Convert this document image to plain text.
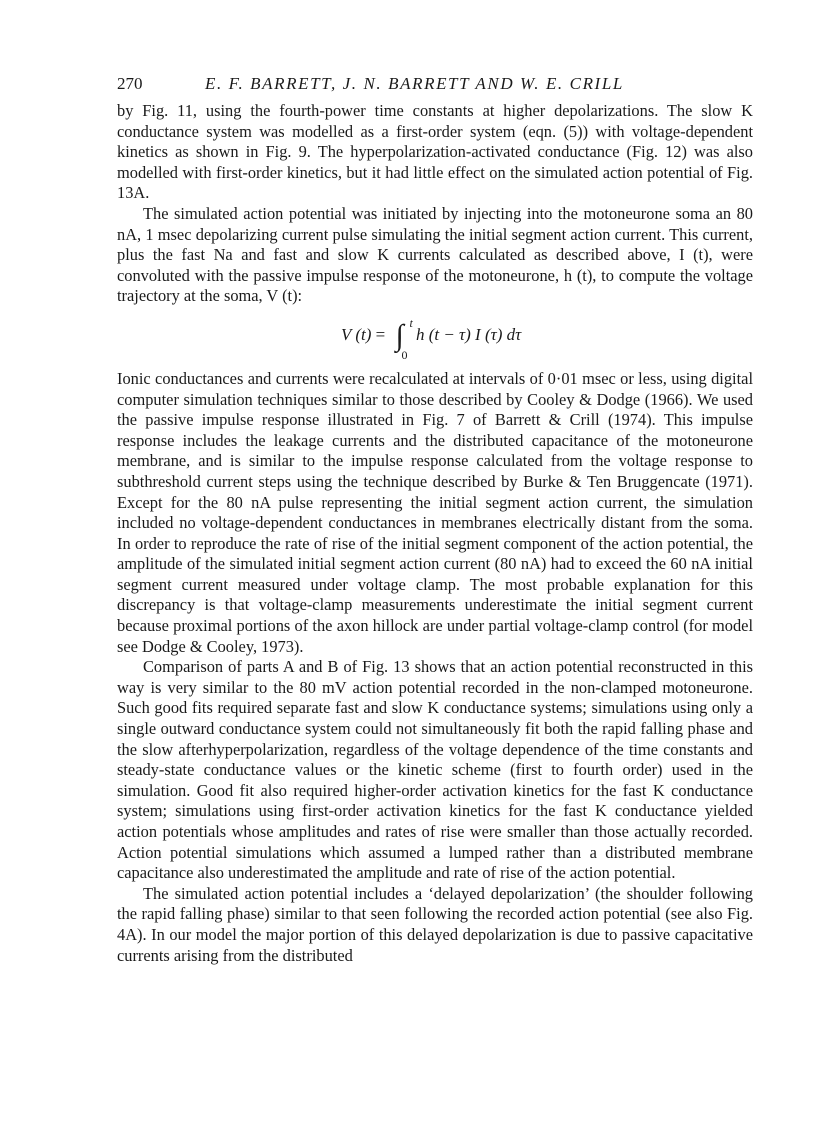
270	E. F. BARRETT, J. N. BARRETT AND W. E. CRILL

by Fig. 11, using the fourth-power time constants at higher depolarizations. The slow K conductance system was modelled as a first-order system (eqn. (5)) with voltage-dependent kinetics as shown in Fig. 9. The hyperpolarization-activated conductance (Fig. 12) was also modelled with first-order kinetics, but it had little effect on the simulated action potential of Fig. 13A.

The simulated action potential was initiated by injecting into the motoneurone soma an 80 nA, 1 msec depolarizing current pulse simulating the initial segment action current. This current, plus the fast Na and fast and slow K currents calculated as described above, I (t), were convoluted with the passive impulse response of the motoneurone, h (t), to compute the voltage trajectory at the soma, V (t):

V (t) = ∫ t
0
h (t − τ) I (τ) dτ

Ionic conductances and currents were recalculated at intervals of 0·01 msec or less, using digital computer simulation techniques similar to those described by Cooley & Dodge (1966). We used the passive impulse response illustrated in Fig. 7 of Barrett & Crill (1974). This impulse response includes the leakage currents and the distributed capacitance of the motoneurone membrane, and is similar to the impulse response calculated from the voltage response to subthreshold current steps using the technique described by Burke & Ten Bruggencate (1971). Except for the 80 nA pulse representing the initial segment action current, the simulation included no voltage-dependent conductances in membranes electrically distant from the soma. In order to reproduce the rate of rise of the initial segment component of the action potential, the amplitude of the simulated initial segment action current (80 nA) had to exceed the 60 nA initial segment current measured under voltage clamp. The most probable explanation for this discrepancy is that voltage-clamp measurements underestimate the initial segment current because proximal portions of the axon hillock are under partial voltage-clamp control (for model see Dodge & Cooley, 1973).

Comparison of parts A and B of Fig. 13 shows that an action potential reconstructed in this way is very similar to the 80 mV action potential recorded in the non-clamped motoneurone. Such good fits required separate fast and slow K conductance systems; simulations using only a single outward conductance system could not simultaneously fit both the rapid falling phase and the slow afterhyperpolarization, regardless of the voltage dependence of the time constants and steady-state conductance values or the kinetic scheme (first to fourth order) used in the simulation. Good fit also required higher-order activation kinetics for the fast K conductance system; simulations using first-order activation kinetics for the fast K conductance yielded action potentials whose amplitudes and rates of rise were smaller than those actually recorded. Action potential simulations which assumed a lumped rather than a distributed membrane capacitance also underestimated the amplitude and rate of rise of the action potential.

The simulated action potential includes a ‘delayed depolarization’ (the shoulder following the rapid falling phase) similar to that seen following the recorded action potential (see also Fig. 4A). In our model the major portion of this delayed depolarization is due to passive capacitative currents arising from the distributed
